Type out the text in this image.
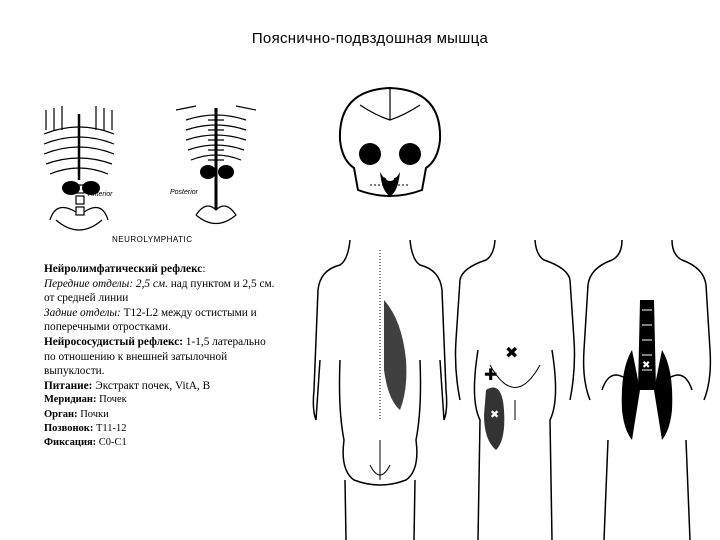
Пояснично-подвздошная мышца
Anterior	Posterior
NEUROLYMPHATIC
✖
✚
✖
✖

Нейролимфатический рефлекс:

Передние отделы: 2,5 см. над пунктом и 2,5 см. от средней линии

Задние отделы: Т12-L2 между остистыми и поперечными отростками.

Нейрососудистый рефлекс: 1-1,5 латерально по отношению к внешней затылочной выпуклости.

Питание: Экстракт почек, VitA, B

Меридиан: Почек

Орган: Почки

Позвонок: Т11-12

Фиксация: С0-С1
